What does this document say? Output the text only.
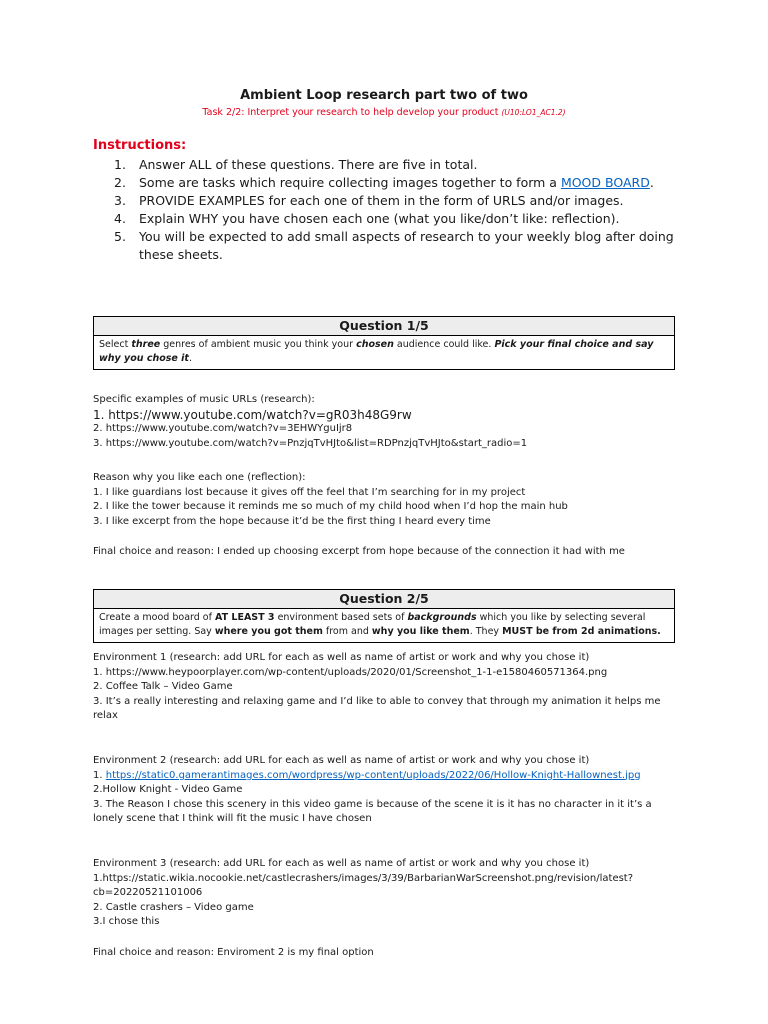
Ambient Loop research part two of two
Task 2/2: Interpret your research to help develop your product (U10:LO1_AC1.2)
Instructions:
1. Answer ALL of these questions. There are five in total.
2. Some are tasks which require collecting images together to form a MOOD BOARD.
3. PROVIDE EXAMPLES for each one of them in the form of URLS and/or images.
4. Explain WHY you have chosen each one (what you like/don’t like: reflection).
5. You will be expected to add small aspects of research to your weekly blog after doing these sheets.
Question 1/5
Select three genres of ambient music you think your chosen audience could like. Pick your final choice and say why you chose it.

Specific examples of music URLs (research):

1. https://www.youtube.com/watch?v=gR03h48G9rw

2. https://www.youtube.com/watch?v=3EHWYguIjr8

3. https://www.youtube.com/watch?v=PnzjqTvHJto&list=RDPnzjqTvHJto&start_radio=1

Reason why you like each one (reflection):

1. I like guardians lost because it gives off the feel that I’m searching for in my project

2. I like the tower because it reminds me so much of my child hood when I’d hop the main hub

3. I like excerpt from the hope because it’d be the first thing I heard every time

Final choice and reason: I ended up choosing excerpt from hope because of the connection it had with me
Question 2/5
Create a mood board of AT LEAST 3 environment based sets of backgrounds which you like by selecting several images per setting. Say where you got them from and why you like them. They MUST be from 2d animations.

Environment 1 (research: add URL for each as well as name of artist or work and why you chose it)

1. https://www.heypoorplayer.com/wp-content/uploads/2020/01/Screenshot_1-1-e1580460571364.png

2. Coffee Talk – Video Game

3. It’s a really interesting and relaxing game and I’d like to able to convey that through my animation it helps me relax

Environment 2 (research: add URL for each as well as name of artist or work and why you chose it)

1. https://static0.gamerantimages.com/wordpress/wp-content/uploads/2022/06/Hollow-Knight-Hallownest.jpg

2.Hollow Knight - Video Game

3. The Reason I chose this scenery in this video game is because of the scene it is it has no character in it it’s a lonely scene that I think will fit the music I have chosen

Environment 3 (research: add URL for each as well as name of artist or work and why you chose it)

1.https://static.wikia.nocookie.net/castlecrashers/images/3/39/BarbarianWarScreenshot.png/revision/latest?cb=20220521101006

2. Castle crashers – Video game

3.I chose this

Final choice and reason: Enviroment 2 is my final option
